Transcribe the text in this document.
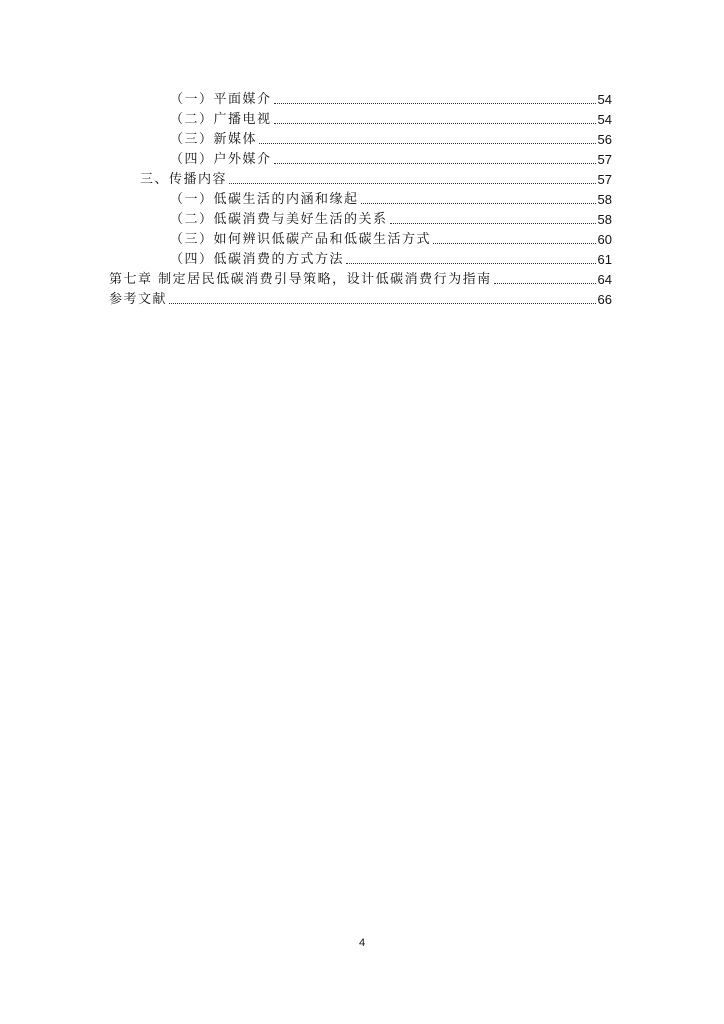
（一）平面媒介	54
（二）广播电视	54
（三）新媒体	56
（四）户外媒介	57
三、传播内容	57
（一）低碳生活的内涵和缘起	58
（二）低碳消费与美好生活的关系	58
（三）如何辨识低碳产品和低碳生活方式	60
（四）低碳消费的方式方法	61
第七章 制定居民低碳消费引导策略，设计低碳消费行为指南	64
参考文献	66
4
